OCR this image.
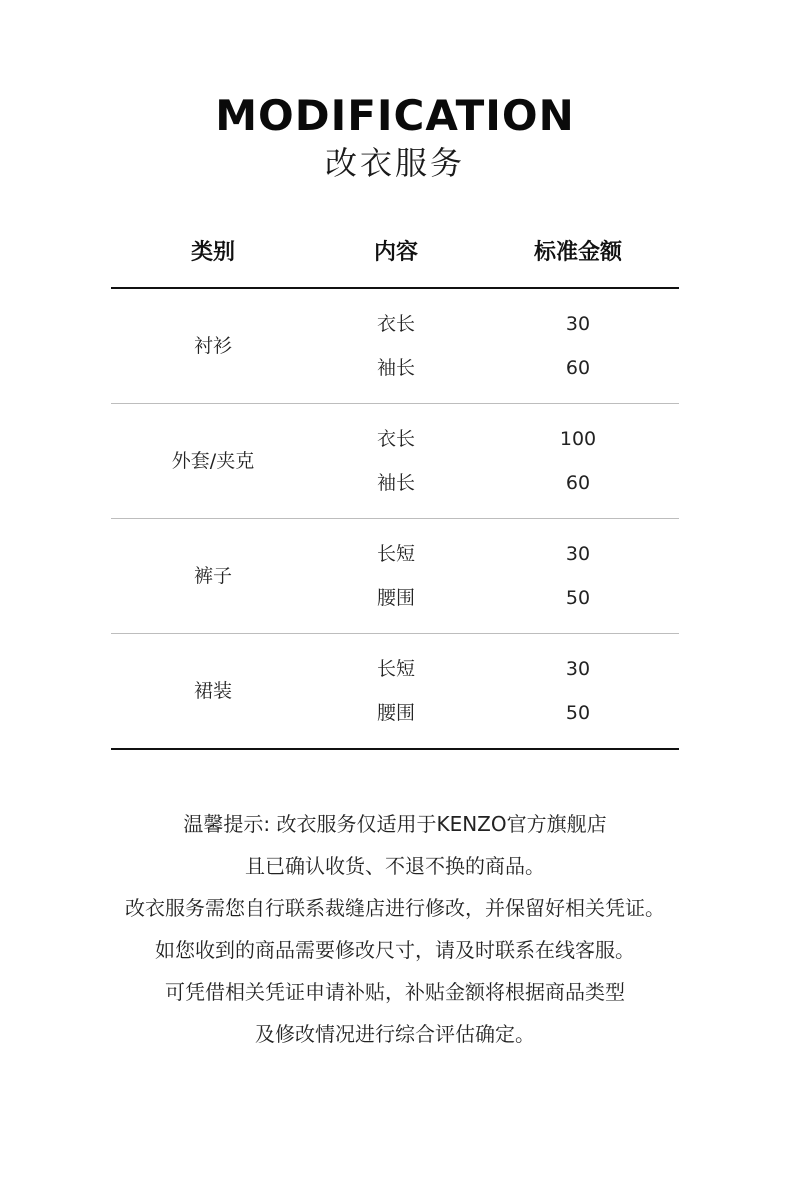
MODIFICATION
改衣服务
类别	内容	标准金额
衬衫
衣长	30
袖长	60
外套/夹克
衣长	100
袖长	60
裤子
长短	30
腰围	50
裙装
长短	30
腰围	50
温馨提示: 改衣服务仅适用于KENZO官方旗舰店
且已确认收货、不退不换的商品。
改衣服务需您自行联系裁缝店进行修改，并保留好相关凭证。
如您收到的商品需要修改尺寸，请及时联系在线客服。
可凭借相关凭证申请补贴，补贴金额将根据商品类型
及修改情况进行综合评估确定。
